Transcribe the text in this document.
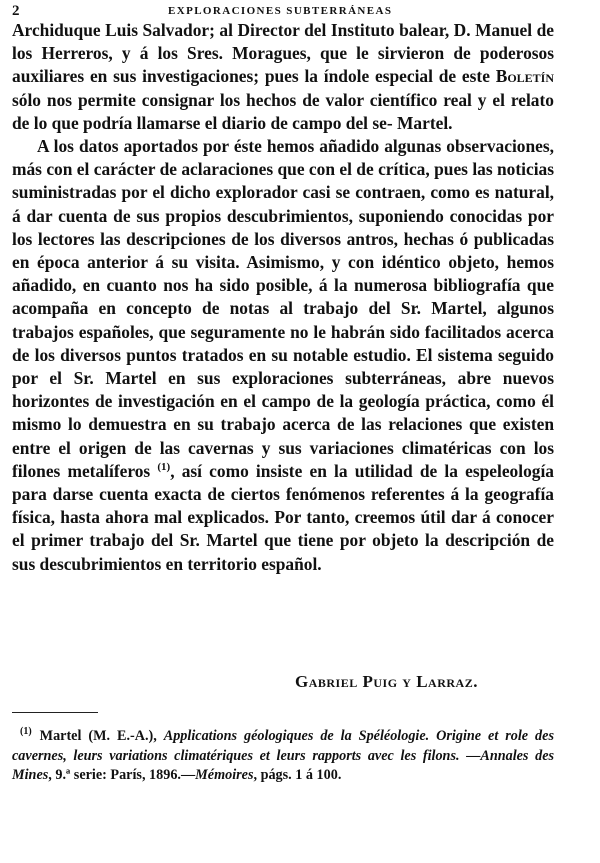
2	EXPLORACIONES SUBTERRÁNEAS

Archiduque Luis Salvador; al Director del Instituto balear, D. Manuel de los Herreros, y á los Sres. Moragues, que le sirvieron de poderosos auxiliares en sus investigaciones; pues la índole especial de este Boletín sólo nos permite consignar los hechos de valor científico real y el relato de lo que podría llamarse el diario de campo del se- Martel.

A los datos aportados por éste hemos añadido algunas observaciones, más con el carácter de aclaraciones que con el de crítica, pues las noticias suministradas por el dicho explorador casi se contraen, como es natural, á dar cuenta de sus propios descubrimientos, suponiendo conocidas por los lectores las descripciones de los diversos antros, hechas ó publicadas en época anterior á su visita. Asimismo, y con idéntico objeto, hemos añadido, en cuanto nos ha sido posible, á la numerosa bibliografía que acompaña en concepto de notas al trabajo del Sr. Martel, algunos trabajos españoles, que seguramente no le habrán sido facilitados acerca de los diversos puntos tratados en su notable estudio. El sistema seguido por el Sr. Martel en sus exploraciones subterráneas, abre nuevos horizontes de investigación en el campo de la geología práctica, como él mismo lo demuestra en su trabajo acerca de las relaciones que existen entre el origen de las cavernas y sus variaciones climatéricas con los filones metalíferos $^{(1)}$, así como insiste en la utilidad de la espeleología para darse cuenta exacta de ciertos fenómenos referentes á la geografía física, hasta ahora mal explicados. Por tanto, creemos útil dar á conocer el primer trabajo del Sr. Martel que tiene por objeto la descripción de sus descubrimientos en territorio español.

Gabriel Puig y Larraz.
$^{(1)}$ Martel (M. E.-A.), Applications géologiques de la Spéléologie. Origine et role des cavernes, leurs variations climatériques et leurs rapports avec les filons. —Annales des Mines, 9.ª serie: París, 1896.—Mémoires, págs. 1 á 100.
